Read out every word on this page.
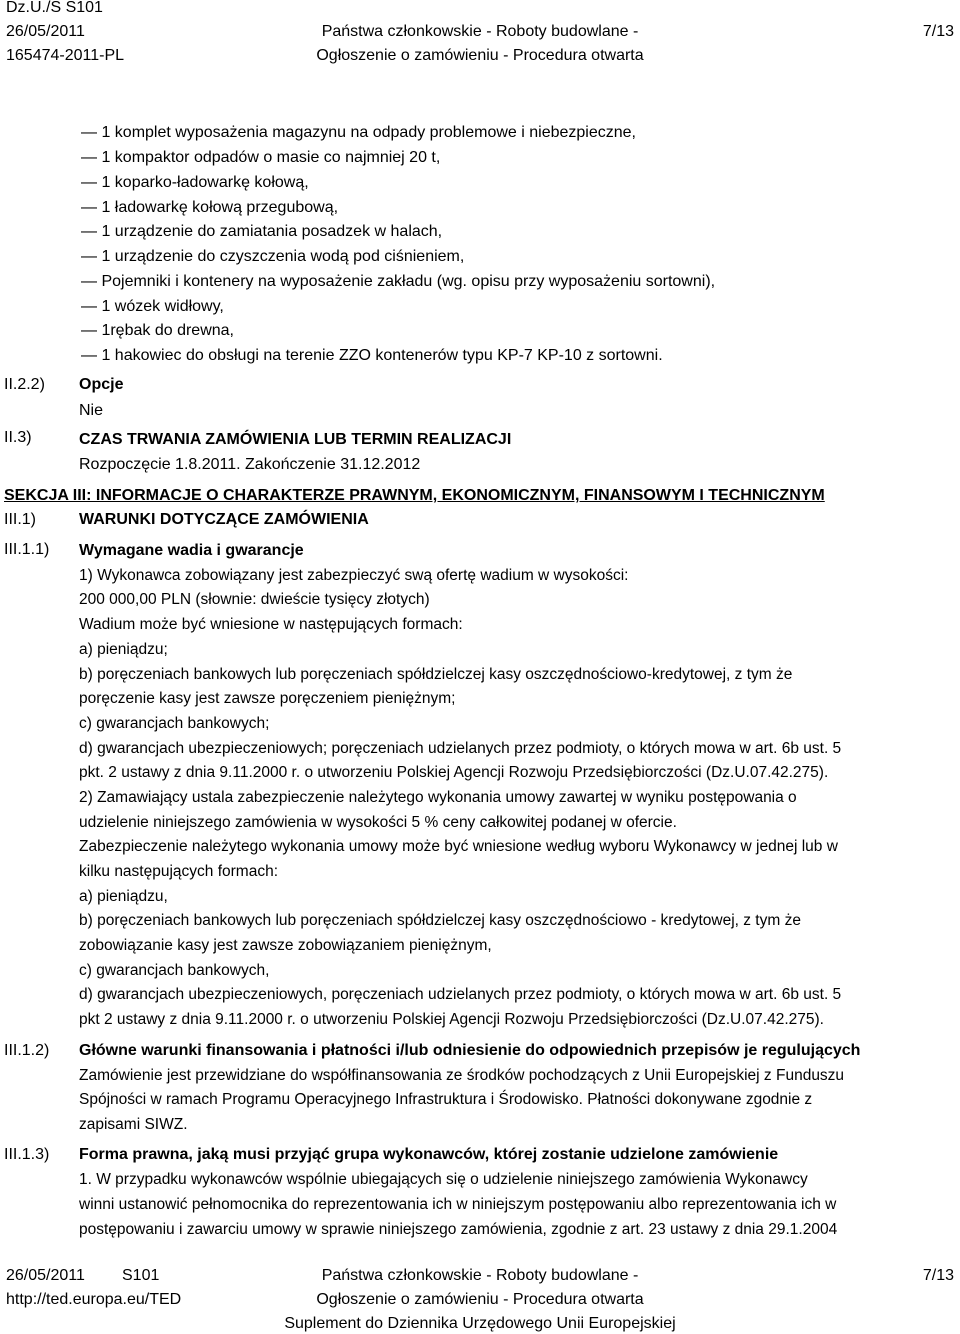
Dz.U./S S101
26/05/2011
165474-2011-PL
Państwa członkowskie - Roboty budowlane -
Ogłoszenie o zamówieniu - Procedura otwarta
7/13
— 1 komplet wyposażenia magazynu na odpady problemowe i niebezpieczne,
— 1 kompaktor odpadów o masie co najmniej 20 t,
— 1 koparko-ładowarkę kołową,
— 1 ładowarkę kołową przegubową,
— 1 urządzenie do zamiatania posadzek w halach,
— 1 urządzenie do czyszczenia wodą pod ciśnieniem,
— Pojemniki i kontenery na wyposażenie zakładu (wg. opisu przy wyposażeniu sortowni),
— 1 wózek widłowy,
— 1rębak do drewna,
— 1 hakowiec do obsługi na terenie ZZO kontenerów typu KP-7 KP-10 z sortowni.
II.2.2) Opcje
Nie
II.3)	CZAS TRWANIA ZAMÓWIENIA LUB TERMIN REALIZACJI
Rozpoczęcie 1.8.2011. Zakończenie 31.12.2012
SEKCJA III: INFORMACJE O CHARAKTERZE PRAWNYM, EKONOMICZNYM, FINANSOWYM I TECHNICZNYM
III.1)	WARUNKI DOTYCZĄCE ZAMÓWIENIA
III.1.1) Wymagane wadia i gwarancje
1) Wykonawca zobowiązany jest zabezpieczyć swą ofertę wadium w wysokości:
200 000,00 PLN (słownie: dwieście tysięcy złotych)
Wadium może być wniesione w następujących formach:
a) pieniądzu;
b) poręczeniach bankowych lub poręczeniach spółdzielczej kasy oszczędnościowo-kredytowej, z tym że
poręczenie kasy jest zawsze poręczeniem pieniężnym;
c) gwarancjach bankowych;
d) gwarancjach ubezpieczeniowych; poręczeniach udzielanych przez podmioty, o których mowa w art. 6b ust. 5
pkt. 2 ustawy z dnia 9.11.2000 r. o utworzeniu Polskiej Agencji Rozwoju Przedsiębiorczości (Dz.U.07.42.275).
2) Zamawiający ustala zabezpieczenie należytego wykonania umowy zawartej w wyniku postępowania o
udzielenie niniejszego zamówienia w wysokości 5 % ceny całkowitej podanej w ofercie.
Zabezpieczenie należytego wykonania umowy może być wniesione według wyboru Wykonawcy w jednej lub w
kilku następujących formach:
a) pieniądzu,
b) poręczeniach bankowych lub poręczeniach spółdzielczej kasy oszczędnościowo - kredytowej, z tym że
zobowiązanie kasy jest zawsze zobowiązaniem pieniężnym,
c) gwarancjach bankowych,
d) gwarancjach ubezpieczeniowych, poręczeniach udzielanych przez podmioty, o których mowa w art. 6b ust. 5
pkt 2 ustawy z dnia 9.11.2000 r. o utworzeniu Polskiej Agencji Rozwoju Przedsiębiorczości (Dz.U.07.42.275).
III.1.2) Główne warunki finansowania i płatności i/lub odniesienie do odpowiednich przepisów je regulujących
Zamówienie jest przewidziane do współfinansowania ze środków pochodzących z Unii Europejskiej z Funduszu
Spójności w ramach Programu Operacyjnego Infrastruktura i Środowisko. Płatności dokonywane zgodnie z
zapisami SIWZ.
III.1.3) Forma prawna, jaką musi przyjąć grupa wykonawców, której zostanie udzielone zamówienie
1. W przypadku wykonawców wspólnie ubiegających się o udzielenie niniejszego zamówienia Wykonawcy
winni ustanowić pełnomocnika do reprezentowania ich w niniejszym postępowaniu albo reprezentowania ich w
postępowaniu i zawarciu umowy w sprawie niniejszego zamówienia, zgodnie z art. 23 ustawy z dnia 29.1.2004
26/05/2011 S101
http://ted.europa.eu/TED
Państwa członkowskie - Roboty budowlane -
Ogłoszenie o zamówieniu - Procedura otwarta
Suplement do Dziennika Urzędowego Unii Europejskiej
7/13
